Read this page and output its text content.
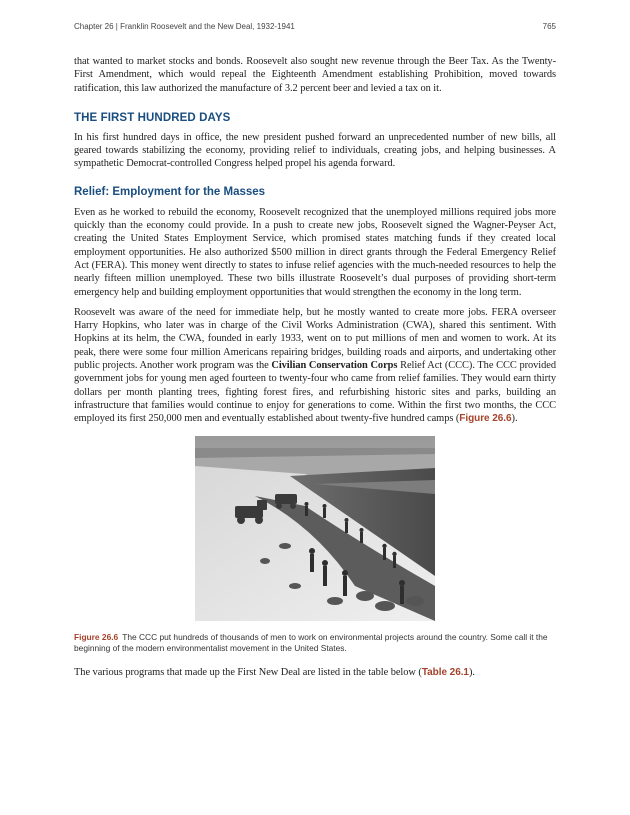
Chapter 26 | Franklin Roosevelt and the New Deal, 1932-1941	765

that wanted to market stocks and bonds. Roosevelt also sought new revenue through the Beer Tax. As the Twenty-First Amendment, which would repeal the Eighteenth Amendment establishing Prohibition, moved towards ratification, this law authorized the manufacture of 3.2 percent beer and levied a tax on it.

THE FIRST HUNDRED DAYS

In his first hundred days in office, the new president pushed forward an unprecedented number of new bills, all geared towards stabilizing the economy, providing relief to individuals, creating jobs, and helping businesses. A sympathetic Democrat-controlled Congress helped propel his agenda forward.

Relief: Employment for the Masses

Even as he worked to rebuild the economy, Roosevelt recognized that the unemployed millions required jobs more quickly than the economy could provide. In a push to create new jobs, Roosevelt signed the Wagner-Peyser Act, creating the United States Employment Service, which promised states matching funds if they created local employment opportunities. He also authorized $500 million in direct grants through the Federal Emergency Relief Act (FERA). This money went directly to states to infuse relief agencies with the much-needed resources to help the nearly fifteen million unemployed. These two bills illustrate Roosevelt’s dual purposes of providing short-term emergency help and building employment opportunities that would strengthen the economy in the long term.

Roosevelt was aware of the need for immediate help, but he mostly wanted to create more jobs. FERA overseer Harry Hopkins, who later was in charge of the Civil Works Administration (CWA), shared this sentiment. With Hopkins at its helm, the CWA, founded in early 1933, went on to put millions of men and women to work. At its peak, there were some four million Americans repairing bridges, building roads and airports, and undertaking other public projects. Another work program was the Civilian Conservation Corps Relief Act (CCC). The CCC provided government jobs for young men aged fourteen to twenty-four who came from relief families. They would earn thirty dollars per month planting trees, fighting forest fires, and refurbishing historic sites and parks, building an infrastructure that families would continue to enjoy for generations to come. Within the first two months, the CCC employed its first 250,000 men and eventually established about twenty-five hundred camps (Figure 26.6).

Figure 26.6 The CCC put hundreds of thousands of men to work on environmental projects around the country. Some call it the beginning of the modern environmentalist movement in the United States.

The various programs that made up the First New Deal are listed in the table below (Table 26.1).
